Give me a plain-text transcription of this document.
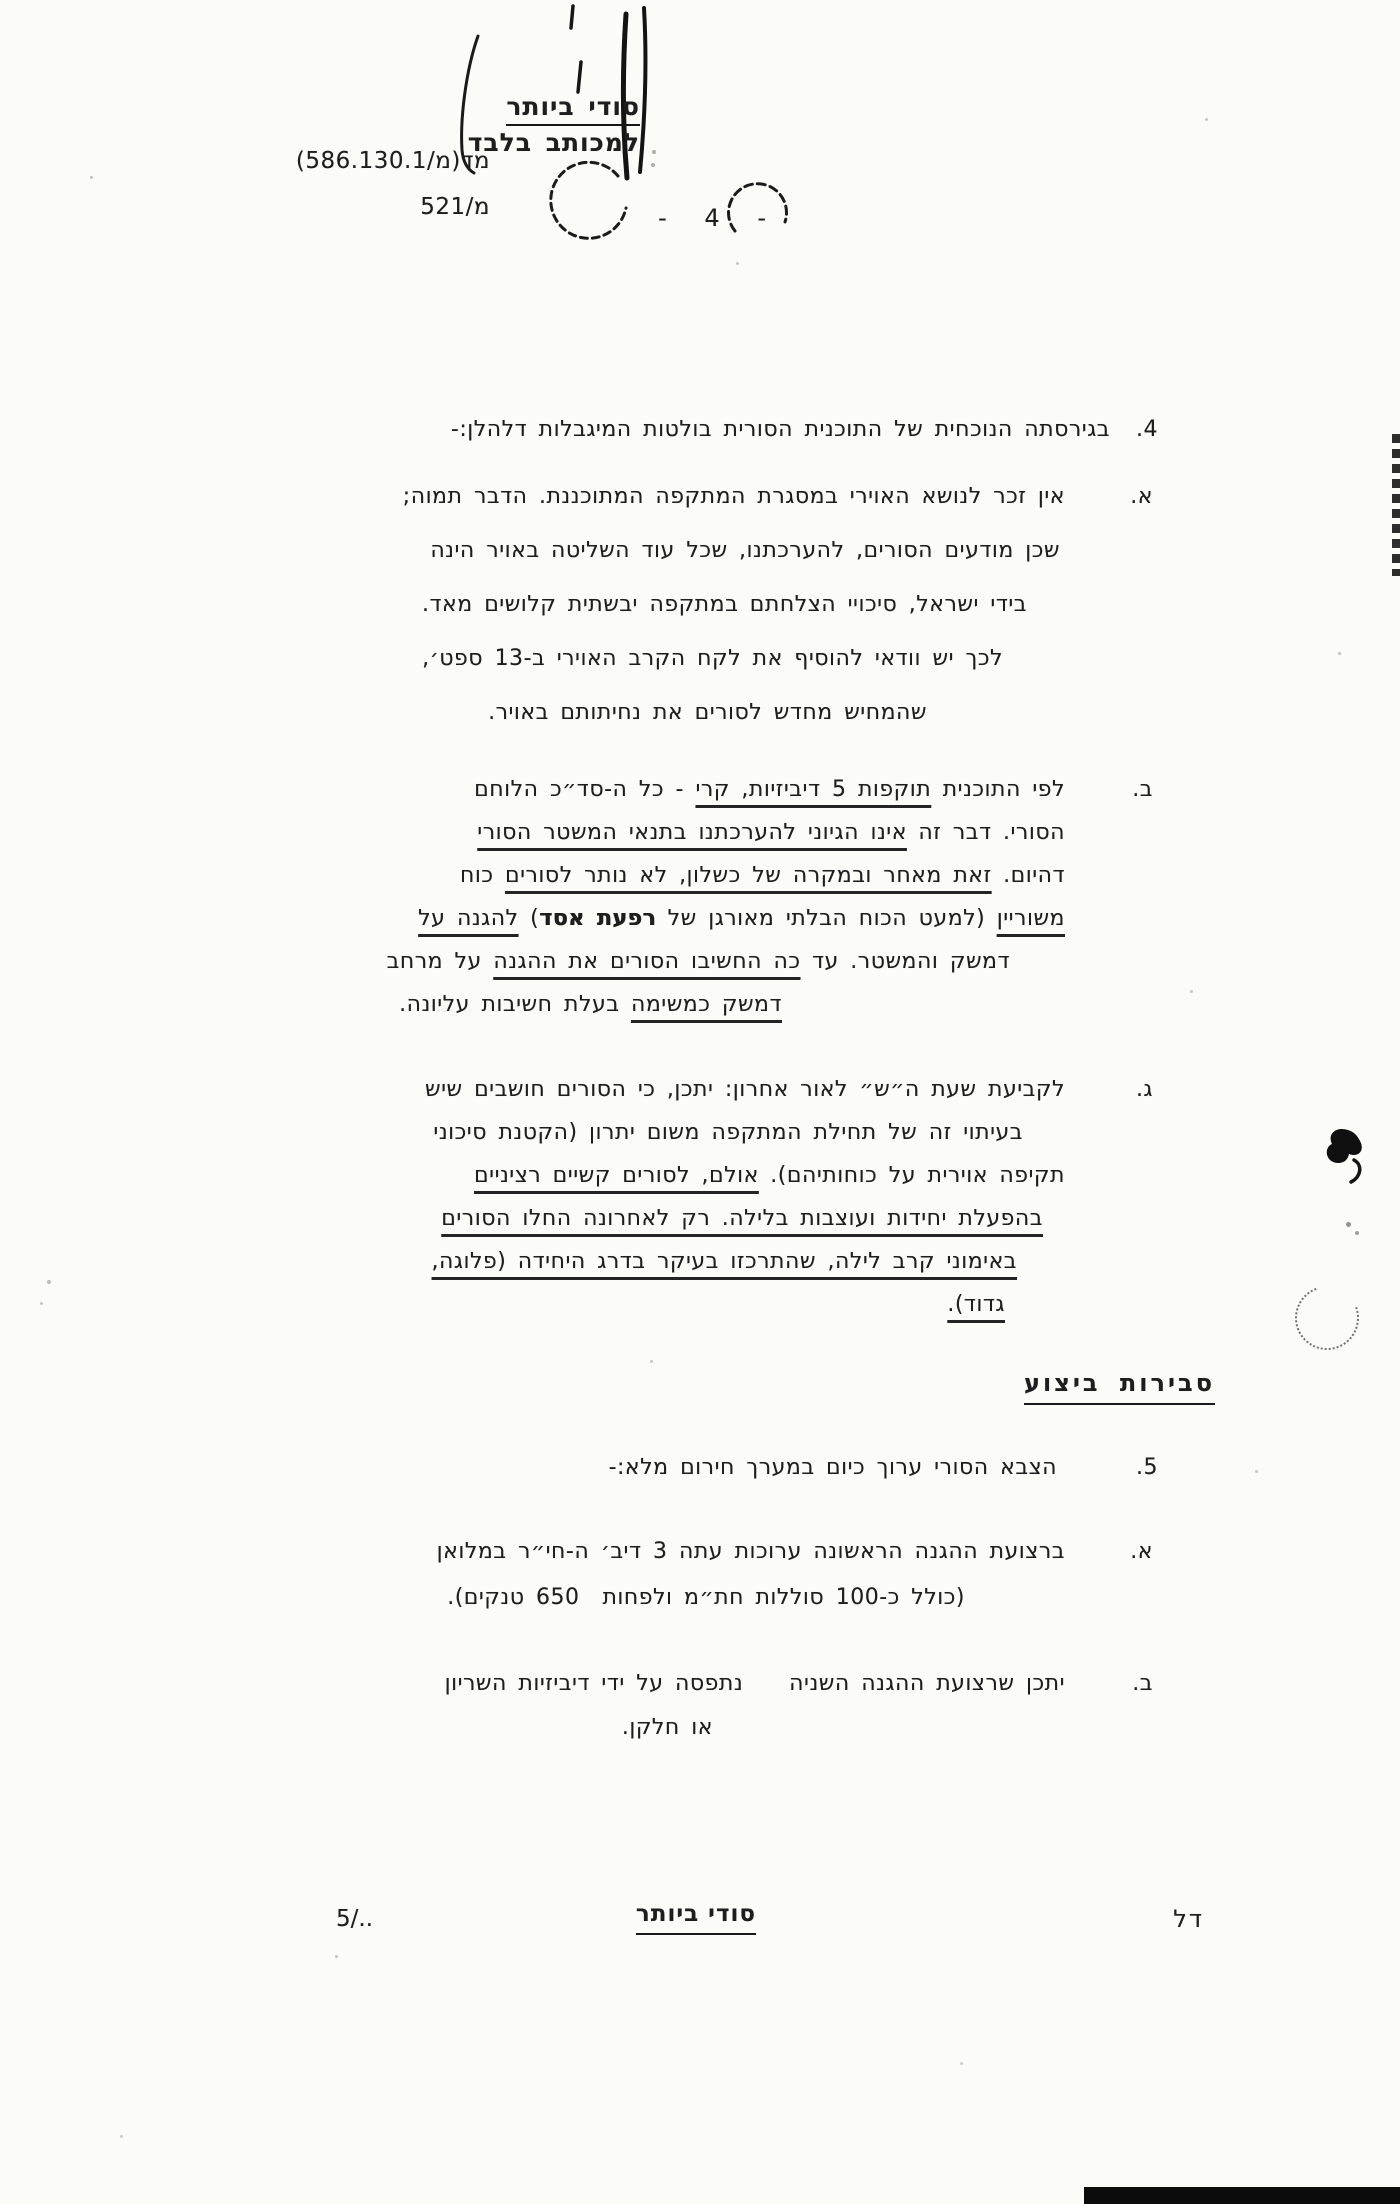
מד(מ/586.130.1)
מ/521
סודי ביותר
למכותב בלבד
- 4 -
4.
בגירסתה הנוכחית של התוכנית הסורית בולטות המיגבלות דלהלן:-
א.
אין זכר לנושא האוירי במסגרת המתקפה המתוכננת. הדבר תמוה;
שכן מודעים הסורים, להערכתנו, שכל עוד השליטה באויר הינה
בידי ישראל, סיכויי הצלחתם במתקפה יבשתית קלושים מאד.
לכך יש וודאי להוסיף את לקח הקרב האוירי ב-13 ספט׳,
שהמחיש מחדש לסורים את נחיתותם באויר.
ב.
לפי התוכנית תוקפות 5 דיביזיות, קרי - כל ה-סד״כ הלוחם
הסורי. דבר זה אינו הגיוני להערכתנו בתנאי המשטר הסורי
דהיום. זאת מאחר ובמקרה של כשלון, לא נותר לסורים כוח
משוריין (למעט הכוח הבלתי מאורגן של רפעת אסד) להגנה על
דמשק והמשטר. עד כה החשיבו הסורים את ההגנה על מרחב
דמשק כמשימה בעלת חשיבות עליונה.
ג.
לקביעת שעת ה״ש״ לאור אחרון: יתכן, כי הסורים חושבים שיש
בעיתוי זה של תחילת המתקפה משום יתרון (הקטנת סיכוני
תקיפה אוירית על כוחותיהם). אולם, לסורים קשיים רציניים
בהפעלת יחידות ועוצבות בלילה. רק לאחרונה החלו הסורים
באימוני קרב לילה, שהתרכזו בעיקר בדרג היחידה (פלוגה,
גדוד).
סבירות ביצוע
5.
הצבא הסורי ערוך כיום במערך חירום מלא:-
א.
ברצועת ההגנה הראשונה ערוכות עתה 3 דיב׳ ה-חי״ר במלואן
(כולל כ-100 סוללות חת״מ ולפחות  650 טנקים).
ב.
יתכן שרצועת ההגנה השניה    נתפסה על ידי דיביזיות השריון
או חלקן.
דל
סודי ביותר
5/..
